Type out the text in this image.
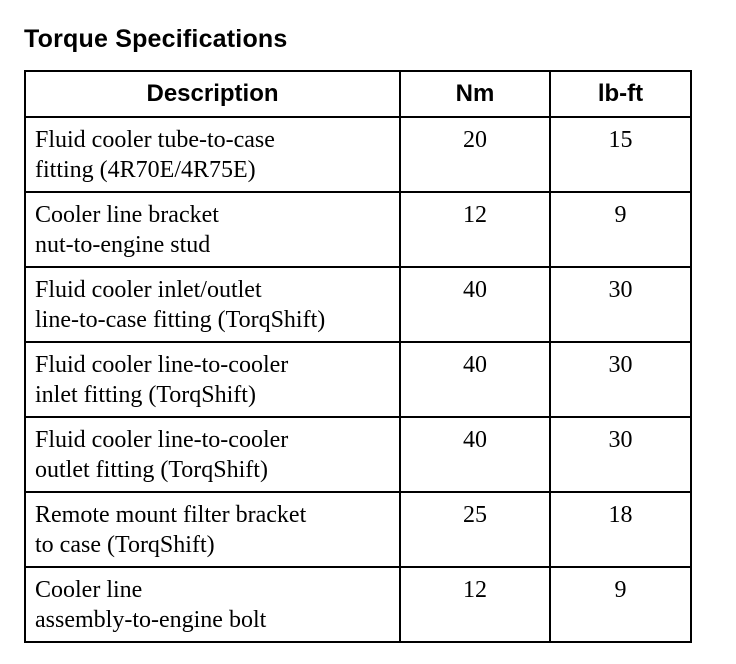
Torque Specifications
Description	Nm	lb-ft

Fluid cooler tube-to-case
fitting (4R70E/4R75E)	20	15

Cooler line bracket
nut-to-engine stud	12	9

Fluid cooler inlet/outlet
line-to-case fitting (TorqShift)	40	30

Fluid cooler line-to-cooler
inlet fitting (TorqShift)	40	30

Fluid cooler line-to-cooler
outlet fitting (TorqShift)	40	30

Remote mount filter bracket
to case (TorqShift)	25	18

Cooler line
assembly-to-engine bolt	12	9
